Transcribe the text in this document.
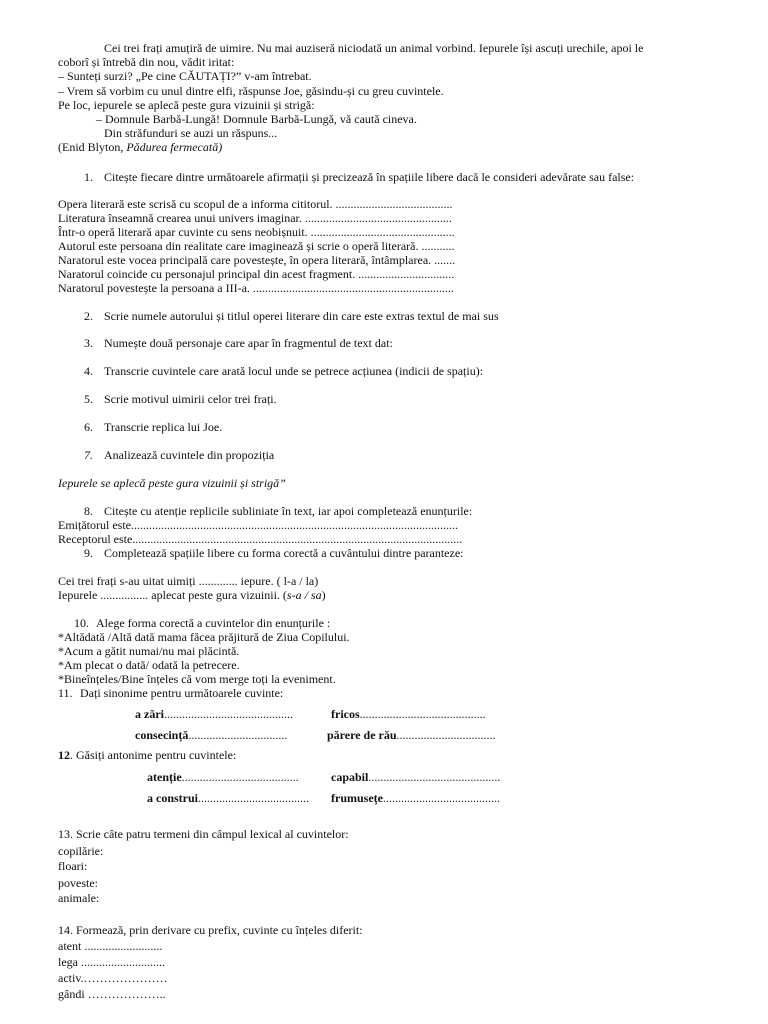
Cei trei frați amuțiră de uimire. Nu mai auziseră niciodată un animal vorbind. Iepurele își ascuți urechile, apoi le
coborî și întrebă din nou, vădit iritat:
– Sunteți surzi? „Pe cine CĂUTAȚI?” v-am întrebat.
– Vrem să vorbim cu unul dintre elfi, răspunse Joe, găsindu-și cu greu cuvintele.
Pe loc, iepurele se aplecă peste gura vizuinii și strigă:
– Domnule Barbă-Lungă! Domnule Barbă-Lungă, vă caută cineva.
Din străfunduri se auzi un răspuns...
(Enid Blyton, Pădurea fermecată)
1. Citește fiecare dintre următoarele afirmații și precizează în spațiile libere dacă le consideri adevărate sau false:
Opera literară este scrisă cu scopul de a informa cititorul. .......................................
Literatura înseamnă crearea unui univers imaginar. .................................................
Într-o operă literară apar cuvinte cu sens neobișnuit. ................................................
Autorul este persoana din realitate care imaginează și scrie o operă literară. ...........
Naratorul este vocea principală care povestește, în opera literară, întâmplarea. .......
Naratorul coincide cu personajul principal din acest fragment. ................................
Naratorul povestește la persoana a III-a. ...................................................................
2. Scrie numele autorului și titlul operei literare din care este extras textul de mai sus
3. Numește două personaje care apar în fragmentul de text dat:
4. Transcrie cuvintele care arată locul unde se petrece acțiunea (indicii de spațiu):
5. Scrie motivul uimirii celor trei frați.
6. Transcrie replica lui Joe.
7. Analizează cuvintele din propoziția
Iepurele se aplecă peste gura vizuinii și strigă”
8. Citește cu atenție replicile subliniate în text, iar apoi completează enunțurile:
Emițătorul este.............................................................................................................
Receptorul este..............................................................................................................
9. Completează spațiile libere cu forma corectă a cuvântului dintre paranteze:
Cei trei frați s-au uitat uimiți ............. iepure. ( l-a / la)
Iepurele ................ aplecat peste gura vizuinii. (s-a / sa)
10. Alege forma corectă a cuvintelor din enunțurile :
*Altădată /Altă dată mama făcea prăjitură de Ziua Copilului.
*Acum a gătit numai/nu mai plăcintă.
*Am plecat o dată/ odată la petrecere.
*Bineînțeles/Bine înțeles că vom merge toți la eveniment.
11. Dați sinonime pentru următoarele cuvinte:
a zări...........................................	fricos..........................................
consecință.................................	părere de rău.................................
12. Găsiți antonime pentru cuvintele:
atenție.......................................	capabil............................................
a construi..................................... frumusețe.......................................
13. Scrie câte patru termeni din câmpul lexical al cuvintelor:
copilărie:
floari:
poveste:
animale:
14. Formează, prin derivare cu prefix, cuvinte cu înțeles diferit:
atent ..........................
lega ............................
activ.…………………
gândi ………………..
